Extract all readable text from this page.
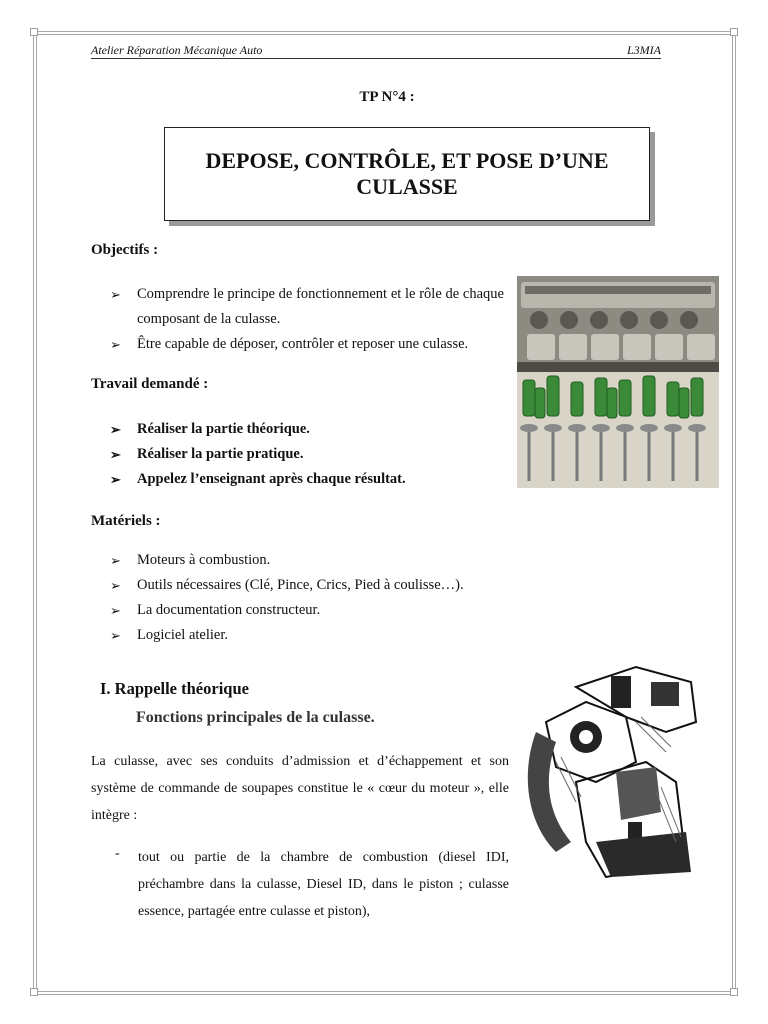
Atelier Réparation Mécanique Auto	L3MIA
TP N°4 :
DEPOSE, CONTRÔLE, ET POSE D’UNE CULASSE
Objectifs :
➢ Comprendre le principe de fonctionnement et le rôle de chaque composant de la culasse.
➢ Être capable de déposer, contrôler et reposer une culasse.
Travail demandé :
➢ Réaliser la partie théorique.
➢ Réaliser la partie pratique.
➢ Appelez l’enseignant après chaque résultat.
Matériels :
➢ Moteurs à combustion.
➢ Outils nécessaires (Clé, Pince, Crics, Pied à coulisse…).
➢ La documentation constructeur.
➢ Logiciel atelier.
I. Rappelle théorique
Fonctions principales de la culasse.
La culasse, avec ses conduits d’admission et d’échappement et son système de commande de soupapes constitue le « cœur du moteur », elle intègre :
- tout ou partie de la chambre de combustion (diesel IDI, préchambre dans la culasse, Diesel ID, dans le piston ; culasse essence, partagée entre culasse et piston),
